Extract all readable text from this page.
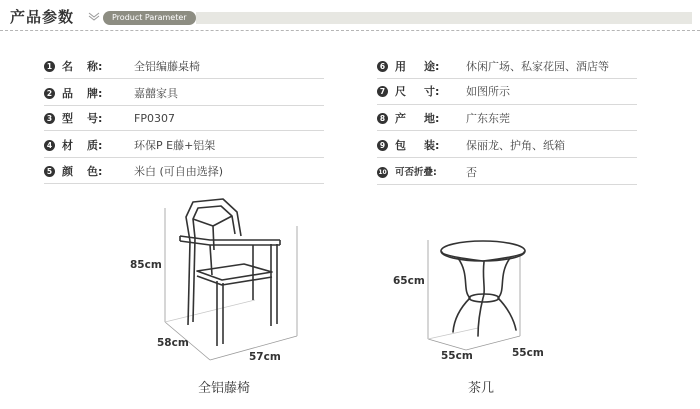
产品参数	Product Parameter
1 名 称:	全铝编藤桌椅
2 品 牌:	嘉囍家具
3 型 号:	FP0307
4 材 质:	环保P E藤+铝架
5 颜 色:	米白 (可自由选择)
6 用 途: 休闲广场、私家花园、酒店等
7 尺 寸: 如图所示
8 产 地: 广东东莞
9 包 装: 保丽龙、护角、纸箱
10 可否折叠:	否
85cm
58cm
57cm
全铝藤椅
65cm
55cm	55cm
茶几
